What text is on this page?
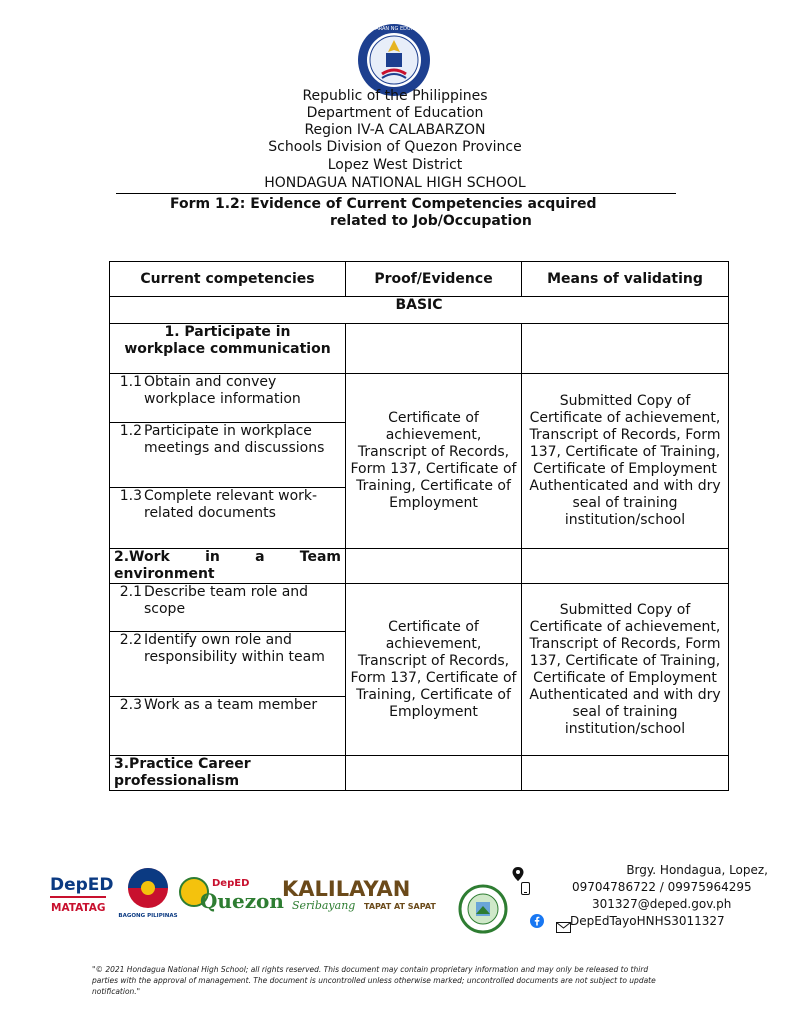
KAGAWARAN NG EDUKASYON
Republic of the Philippines
Department of Education
Region IV-A CALABARZON
Schools Division of Quezon Province
Lopez West District
HONDAGUA NATIONAL HIGH SCHOOL
Form 1.2: Evidence of Current Competencies acquired
related to Job/Occupation
Current competencies	Proof/Evidence	Means of validating
BASIC		
1. Participate in workplace communication		

1.1 Obtain and convey workplace information	Certificate of achievement, Transcript of Records, Form 137, Certificate of Training, Certificate of Employment	Submitted Copy of Certificate of achievement, Transcript of Records, Form 137, Certificate of Training, Certificate of Employment Authenticated and with dry seal of training institution/school

1.2 Participate in workplace meetings and discussions		

1.3 Complete relevant work-related documents		

2.Work in a Team environment		

2.1 Describe team role and scope	Certificate of achievement, Transcript of Records, Form 137, Certificate of Training, Certificate of Employment	Submitted Copy of Certificate of achievement, Transcript of Records, Form 137, Certificate of Training, Certificate of Employment Authenticated and with dry seal of training institution/school

2.2 Identify own role and responsibility within team		

2.3 Work as a team member		

3.Practice Career professionalism		
DepED
MATATAG
BAGONG PILIPINAS
DepED
Quezon
KALILAYAN
Seribayang TAPAT AT SAPAT
Brgy. Hondagua, Lopez,
09704786722 / 09975964295
301327@deped.gov.ph
DepEdTayoHNHS3011327
"© 2021 Hondagua National High School; all rights reserved. This document may contain proprietary information and may only be released to third parties with the approval of management. The document is uncontrolled unless otherwise marked; uncontrolled documents are not subject to update notification."
